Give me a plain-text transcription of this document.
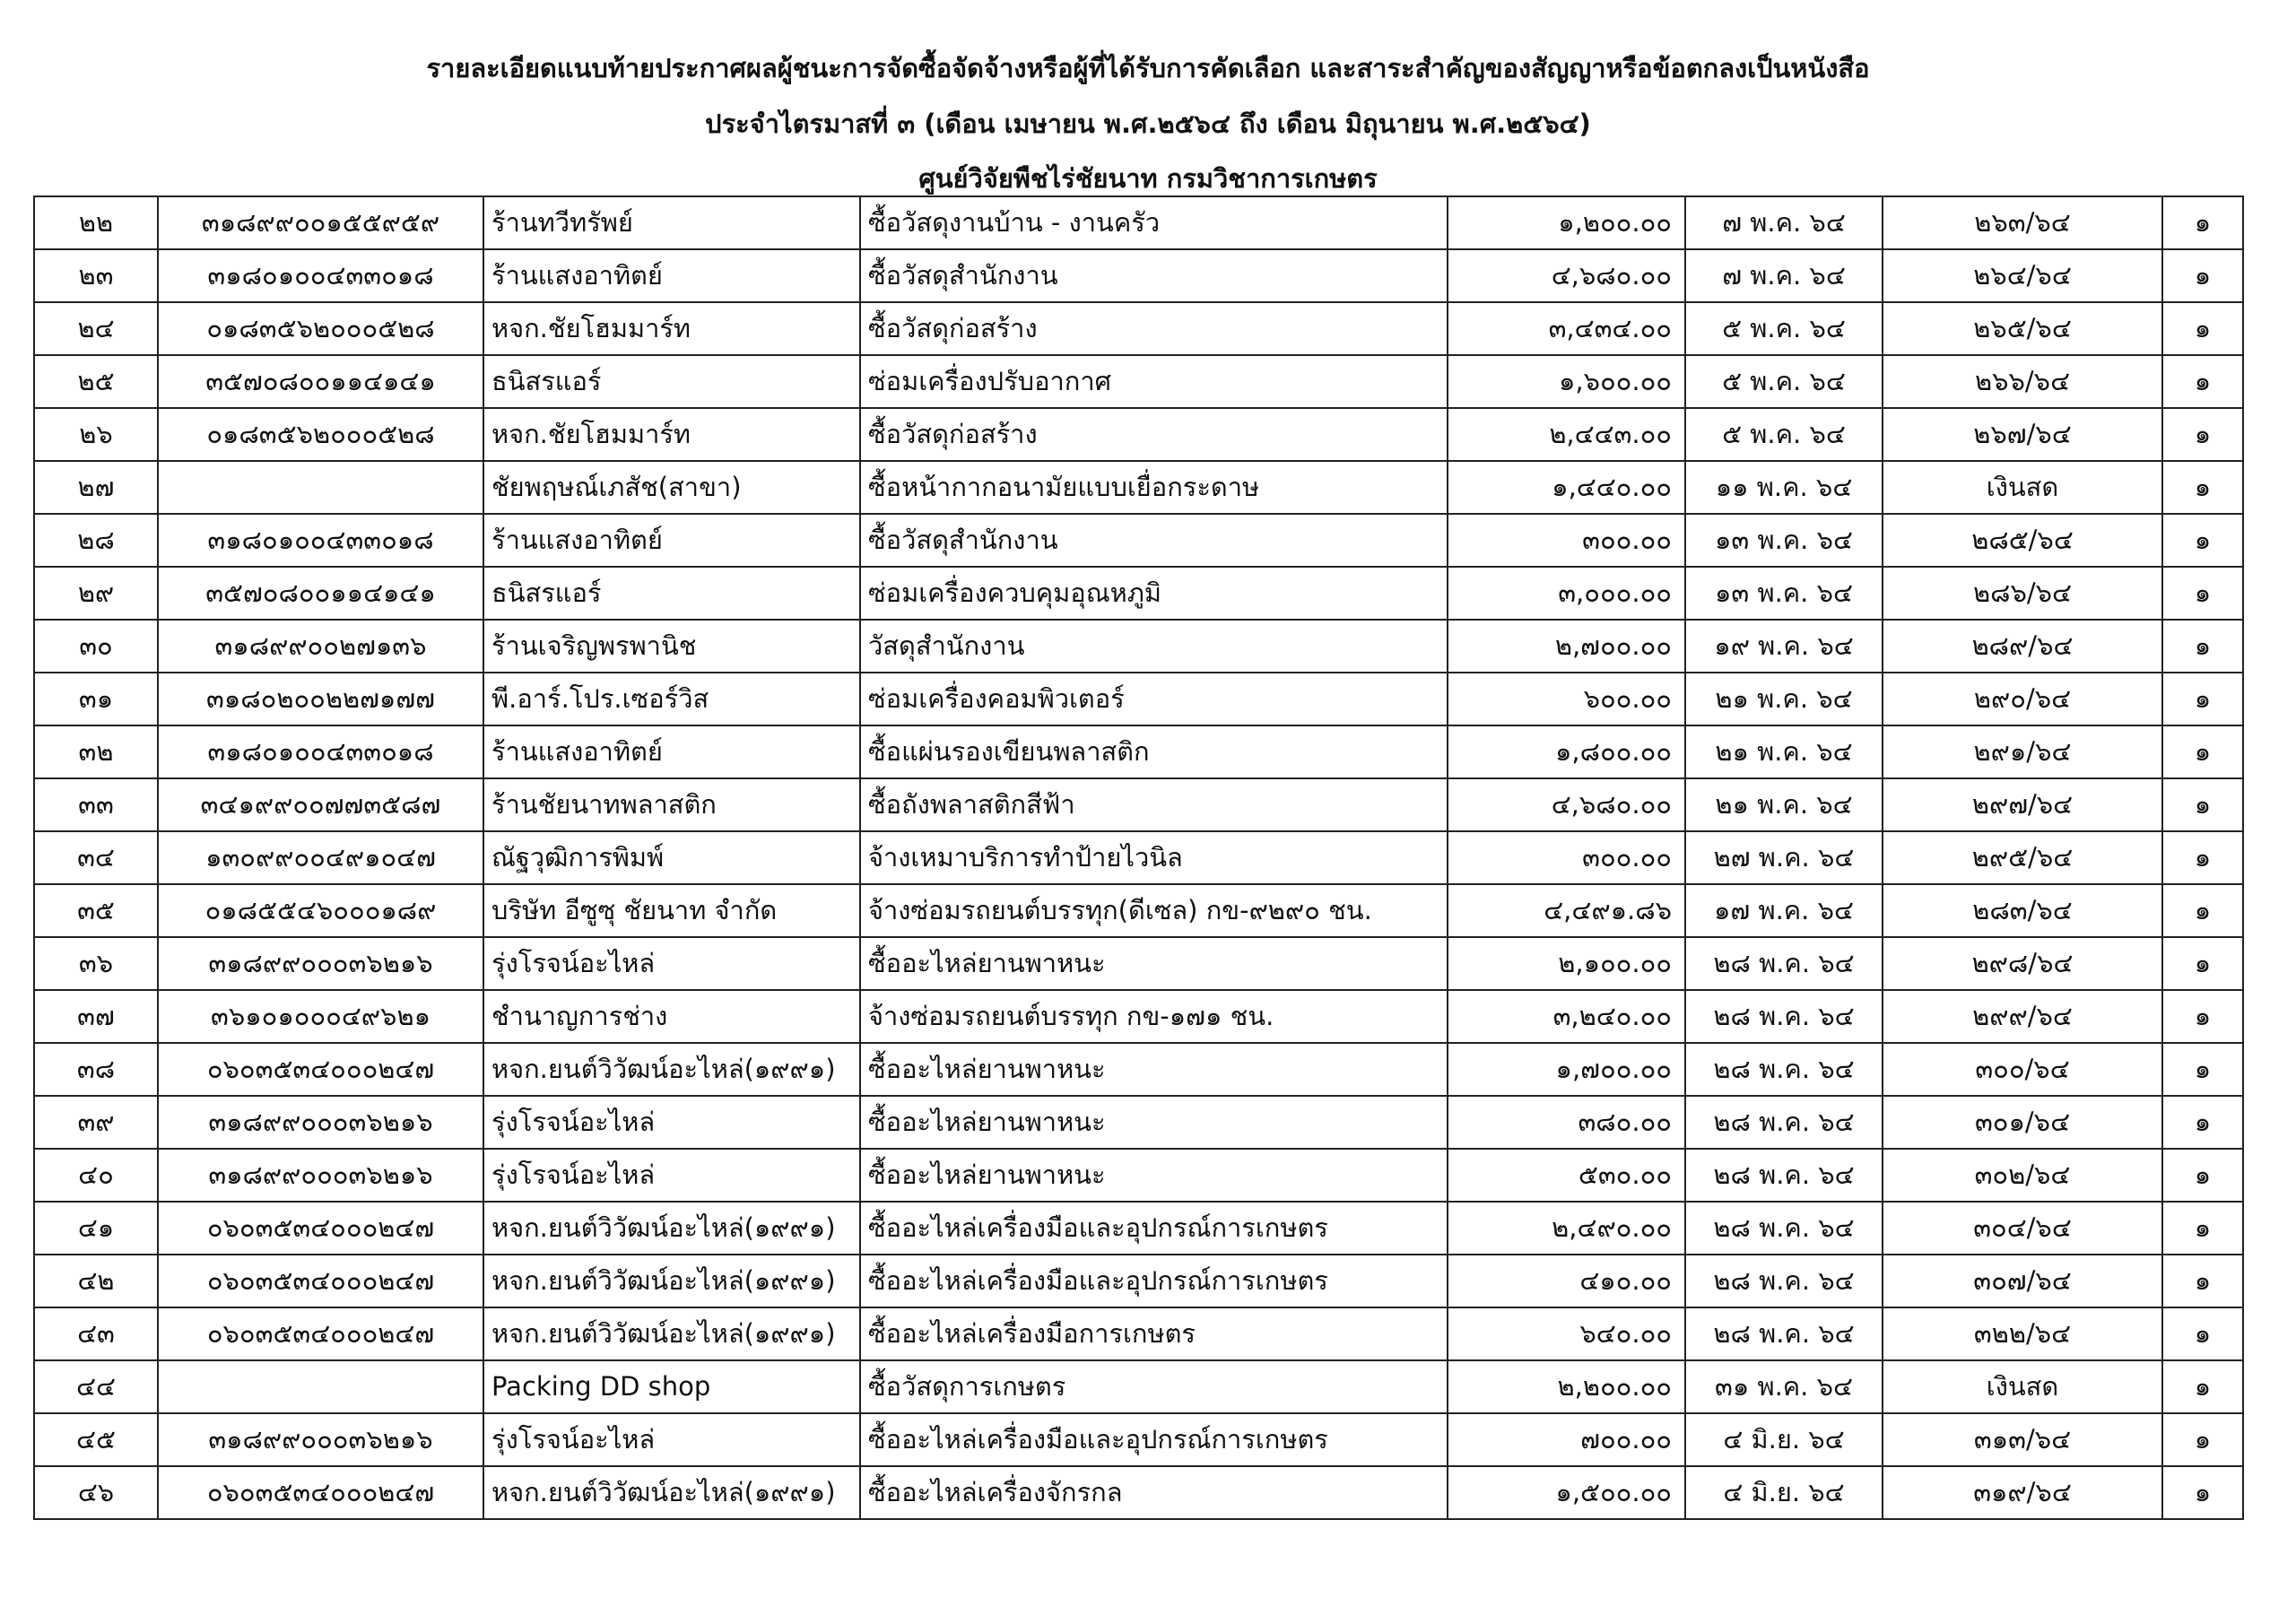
รายละเอียดแนบท้ายประกาศผลผู้ชนะการจัดซื้อจัดจ้างหรือผู้ที่ได้รับการคัดเลือก และสาระสำคัญของสัญญาหรือข้อตกลงเป็นหนังสือ
ประจำไตรมาสที่ ๓ (เดือน เมษายน พ.ศ.๒๕๖๔ ถึง เดือน มิถุนายน พ.ศ.๒๕๖๔)
ศูนย์วิจัยพืชไร่ชัยนาท กรมวิชาการเกษตร
๒๒	๓๑๘๙๙๐๐๑๕๕๙๕๙	ร้านทวีทรัพย์	ซื้อวัสดุงานบ้าน - งานครัว	๑,๒๐๐.๐๐	๗ พ.ค. ๖๔	๒๖๓/๖๔	๑
๒๓	๓๑๘๐๑๐๐๔๓๓๐๑๘	ร้านแสงอาทิตย์	ซื้อวัสดุสำนักงาน	๔,๖๘๐.๐๐	๗ พ.ค. ๖๔	๒๖๔/๖๔	๑
๒๔	๐๑๘๓๕๖๒๐๐๐๕๒๘	หจก.ชัยโฮมมาร์ท	ซื้อวัสดุก่อสร้าง	๓,๔๓๔.๐๐	๕ พ.ค. ๖๔	๒๖๕/๖๔	๑
๒๕	๓๕๗๐๘๐๐๑๑๔๑๔๑	ธนิสรแอร์	ซ่อมเครื่องปรับอากาศ	๑,๖๐๐.๐๐	๕ พ.ค. ๖๔	๒๖๖/๖๔	๑
๒๖	๐๑๘๓๕๖๒๐๐๐๕๒๘	หจก.ชัยโฮมมาร์ท	ซื้อวัสดุก่อสร้าง	๒,๔๔๓.๐๐	๕ พ.ค. ๖๔	๒๖๗/๖๔	๑
๒๗		ชัยพฤษณ์เภสัช(สาขา)	ซื้อหน้ากากอนามัยแบบเยื่อกระดาษ	๑,๔๔๐.๐๐	๑๑ พ.ค. ๖๔	เงินสด	๑
๒๘	๓๑๘๐๑๐๐๔๓๓๐๑๘	ร้านแสงอาทิตย์	ซื้อวัสดุสำนักงาน	๓๐๐.๐๐	๑๓ พ.ค. ๖๔	๒๘๕/๖๔	๑
๒๙	๓๕๗๐๘๐๐๑๑๔๑๔๑	ธนิสรแอร์	ซ่อมเครื่องควบคุมอุณหภูมิ	๓,๐๐๐.๐๐	๑๓ พ.ค. ๖๔	๒๘๖/๖๔	๑
๓๐	๓๑๘๙๙๐๐๒๗๑๓๖	ร้านเจริญพรพานิช	วัสดุสำนักงาน	๒,๗๐๐.๐๐	๑๙ พ.ค. ๖๔	๒๘๙/๖๔	๑
๓๑	๓๑๘๐๒๐๐๒๒๗๑๗๗	พี.อาร์.โปร.เซอร์วิส	ซ่อมเครื่องคอมพิวเตอร์	๖๐๐.๐๐	๒๑ พ.ค. ๖๔	๒๙๐/๖๔	๑
๓๒	๓๑๘๐๑๐๐๔๓๓๐๑๘	ร้านแสงอาทิตย์	ซื้อแผ่นรองเขียนพลาสติก	๑,๘๐๐.๐๐	๒๑ พ.ค. ๖๔	๒๙๑/๖๔	๑
๓๓	๓๔๑๙๙๐๐๗๗๓๕๘๗	ร้านชัยนาทพลาสติก	ซื้อถังพลาสติกสีฟ้า	๔,๖๘๐.๐๐	๒๑ พ.ค. ๖๔	๒๙๗/๖๔	๑
๓๔	๑๓๐๙๙๐๐๔๙๑๐๔๗	ณัฐวุฒิการพิมพ์	จ้างเหมาบริการทำป้ายไวนิล	๓๐๐.๐๐	๒๗ พ.ค. ๖๔	๒๙๕/๖๔	๑
๓๕	๐๑๘๕๕๔๖๐๐๐๑๘๙	บริษัท อีซูซุ ชัยนาท จำกัด	จ้างซ่อมรถยนต์บรรทุก(ดีเซล) กข-๙๒๙๐ ชน.	๔,๔๙๑.๘๖	๑๗ พ.ค. ๖๔	๒๘๓/๖๔	๑
๓๖	๓๑๘๙๙๐๐๐๓๖๒๑๖	รุ่งโรจน์อะไหล่	ซื้ออะไหล่ยานพาหนะ	๒,๑๐๐.๐๐	๒๘ พ.ค. ๖๔	๒๙๘/๖๔	๑
๓๗	๓๖๑๐๑๐๐๐๔๙๖๒๑	ชำนาญการช่าง	จ้างซ่อมรถยนต์บรรทุก กข-๑๗๑ ชน.	๓,๒๔๐.๐๐	๒๘ พ.ค. ๖๔	๒๙๙/๖๔	๑
๓๘	๐๖๐๓๕๓๔๐๐๐๒๔๗	หจก.ยนต์วิวัฒน์อะไหล่(๑๙๙๑)	ซื้ออะไหล่ยานพาหนะ	๑,๗๐๐.๐๐	๒๘ พ.ค. ๖๔	๓๐๐/๖๔	๑
๓๙	๓๑๘๙๙๐๐๐๓๖๒๑๖	รุ่งโรจน์อะไหล่	ซื้ออะไหล่ยานพาหนะ	๓๘๐.๐๐	๒๘ พ.ค. ๖๔	๓๐๑/๖๔	๑
๔๐	๓๑๘๙๙๐๐๐๓๖๒๑๖	รุ่งโรจน์อะไหล่	ซื้ออะไหล่ยานพาหนะ	๕๓๐.๐๐	๒๘ พ.ค. ๖๔	๓๐๒/๖๔	๑
๔๑	๐๖๐๓๕๓๔๐๐๐๒๔๗	หจก.ยนต์วิวัฒน์อะไหล่(๑๙๙๑)	ซื้ออะไหล่เครื่องมือและอุปกรณ์การเกษตร	๒,๔๙๐.๐๐	๒๘ พ.ค. ๖๔	๓๐๔/๖๔	๑
๔๒	๐๖๐๓๕๓๔๐๐๐๒๔๗	หจก.ยนต์วิวัฒน์อะไหล่(๑๙๙๑)	ซื้ออะไหล่เครื่องมือและอุปกรณ์การเกษตร	๔๑๐.๐๐	๒๘ พ.ค. ๖๔	๓๐๗/๖๔	๑
๔๓	๐๖๐๓๕๓๔๐๐๐๒๔๗	หจก.ยนต์วิวัฒน์อะไหล่(๑๙๙๑)	ซื้ออะไหล่เครื่องมือการเกษตร	๖๔๐.๐๐	๒๘ พ.ค. ๖๔	๓๒๒/๖๔	๑
๔๔		Packing DD shop	ซื้อวัสดุการเกษตร	๒,๒๐๐.๐๐	๓๑ พ.ค. ๖๔	เงินสด	๑
๔๕	๓๑๘๙๙๐๐๐๓๖๒๑๖	รุ่งโรจน์อะไหล่	ซื้ออะไหล่เครื่องมือและอุปกรณ์การเกษตร	๗๐๐.๐๐	๔ มิ.ย. ๖๔	๓๑๓/๖๔	๑
๔๖	๐๖๐๓๕๓๔๐๐๐๒๔๗	หจก.ยนต์วิวัฒน์อะไหล่(๑๙๙๑)	ซื้ออะไหล่เครื่องจักรกล	๑,๕๐๐.๐๐	๔ มิ.ย. ๖๔	๓๑๙/๖๔	๑
